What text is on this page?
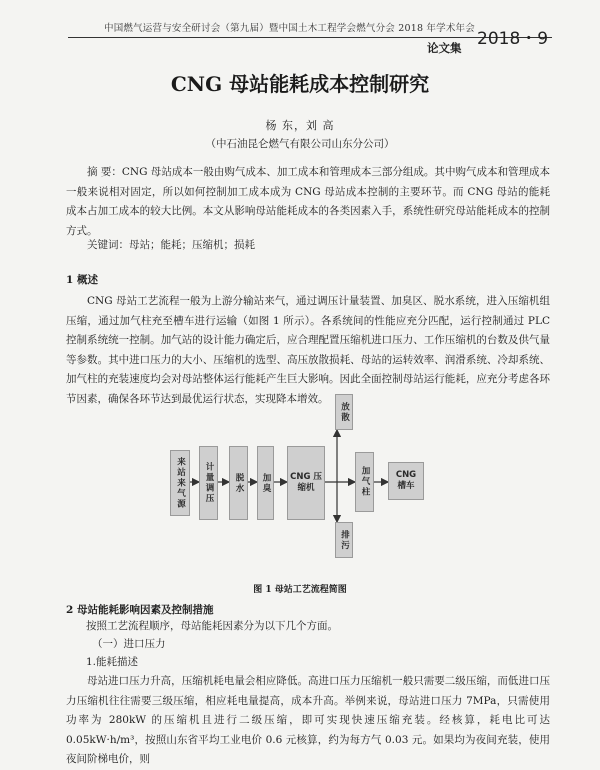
中国燃气运营与安全研讨会（第九届）暨中国土木工程学会燃气分会 2018 年学术年会
2018・9
论文集
CNG 母站能耗成本控制研究
杨 东，刘 高
（中石油昆仑燃气有限公司山东分公司）

摘 要：CNG 母站成本一般由购气成本、加工成本和管理成本三部分组成。其中购气成本和管理成本一般来说相对固定，所以如何控制加工成本成为 CNG 母站成本控制的主要环节。而 CNG 母站的能耗成本占加工成本的较大比例。本文从影响母站能耗成本的各类因素入手，系统性研究母站能耗成本的控制方式。

关键词：母站；能耗；压缩机；损耗

1 概述

CNG 母站工艺流程一般为上游分输站来气，通过调压计量装置、加臭区、脱水系统，进入压缩机组压缩，通过加气柱充至槽车进行运输（如图 1 所示）。各系统间的性能应充分匹配，运行控制通过 PLC 控制系统统一控制。加气站的设计能力确定后，应合理配置压缩机进口压力、工作压缩机的台数及供气量等参数。其中进口压力的大小、压缩机的选型、高压放散损耗、母站的运转效率、润滑系统、冷却系统、加气柱的充装速度均会对母站整体运行能耗产生巨大影响。因此全面控制母站运行能耗，应充分考虑各环节因素，确保各环节达到最优运行状态，实现降本增效。

来站来气源	计量调压	脱水	加臭	CNG 压缩机	加气柱	CNG 槽车
放散
排污
图 1 母站工艺流程简图
2 母站能耗影响因素及控制措施
按照工艺流程顺序，母站能耗因素分为以下几个方面。
（一）进口压力
1.能耗描述

母站进口压力升高，压缩机耗电量会相应降低。高进口压力压缩机一般只需要二级压缩，而低进口压力压缩机往往需要三级压缩，相应耗电量提高，成本升高。举例来说，母站进口压力 7MPa，只需使用功率为 280kW 的压缩机且进行二级压缩，即可实现快速压缩充装。经核算，耗电比可达 0.05kW·h/m³，按照山东省平均工业电价 0.6 元核算，约为每方气 0.03 元。如果均为夜间充装，使用夜间阶梯电价，则
